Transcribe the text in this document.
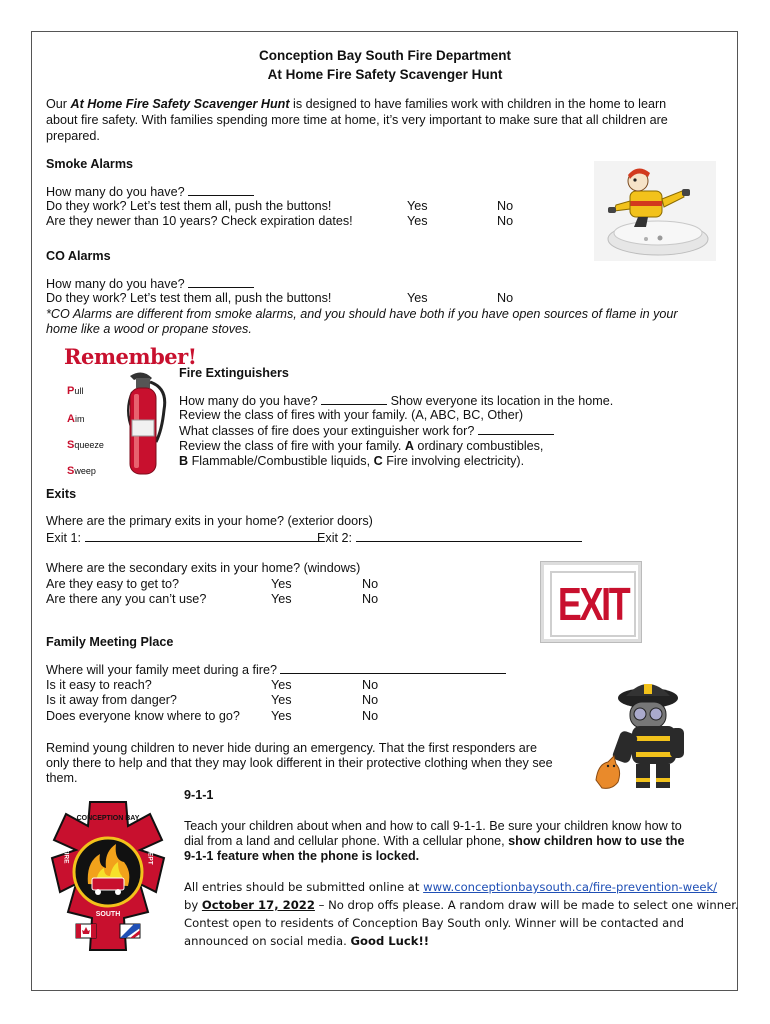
Conception Bay South Fire Department
At Home Fire Safety Scavenger Hunt
Our At Home Fire Safety Scavenger Hunt is designed to have families work with children in the home to learn
about fire safety. With families spending more time at home, it’s very important to make sure that all children are
prepared.
Smoke Alarms
How many do you have?
Do they work? Let’s test them all, push the buttons!	Yes	No
Are they newer than 10 years? Check expiration dates!	Yes	No
CO Alarms
How many do you have?
Do they work? Let’s test them all, push the buttons!	Yes	No
*CO Alarms are different from smoke alarms, and you should have both if you have open sources of flame in your
home like a wood or propane stoves.
Remember!
Pull
Aim
Squeeze
Sweep
Fire Extinguishers
How many do you have?	Show everyone its location in the home.
Review the class of fires with your family. (A, ABC, BC, Other)
What classes of fire does your extinguisher work for?
Review the class of fire with your family. A ordinary combustibles,
B Flammable/Combustible liquids, C Fire involving electricity).
Exits
Where are the primary exits in your home? (exterior doors)
Exit 1:	Exit 2:
Where are the secondary exits in your home? (windows)
Are they easy to get to?	Yes	No
Are there any you can’t use?	Yes	No	EXIT
Family Meeting Place
Where will your family meet during a fire?
Is it easy to reach?	Yes	No
Is it away from danger?	Yes	No
Does everyone know where to go? Yes	No
Remind young children to never hide during an emergency. That the first responders are
only there to help and that they may look different in their protective clothing when they see
them.
9-1-1
Teach your children about when and how to call 9-1-1. Be sure your children know how to
dial from a land and cellular phone. With a cellular phone, show children how to use the
9-1-1 feature when the phone is locked.
All entries should be submitted online at www.conceptionbaysouth.ca/fire-prevention-week/
by October 17, 2022 – No drop offs please. A random draw will be made to select one winner.
Contest open to residents of Conception Bay South only. Winner will be contacted and
announced on social media. Good Luck!!
CONCEPTION BAY
FIRE	DEPT
SOUTH
